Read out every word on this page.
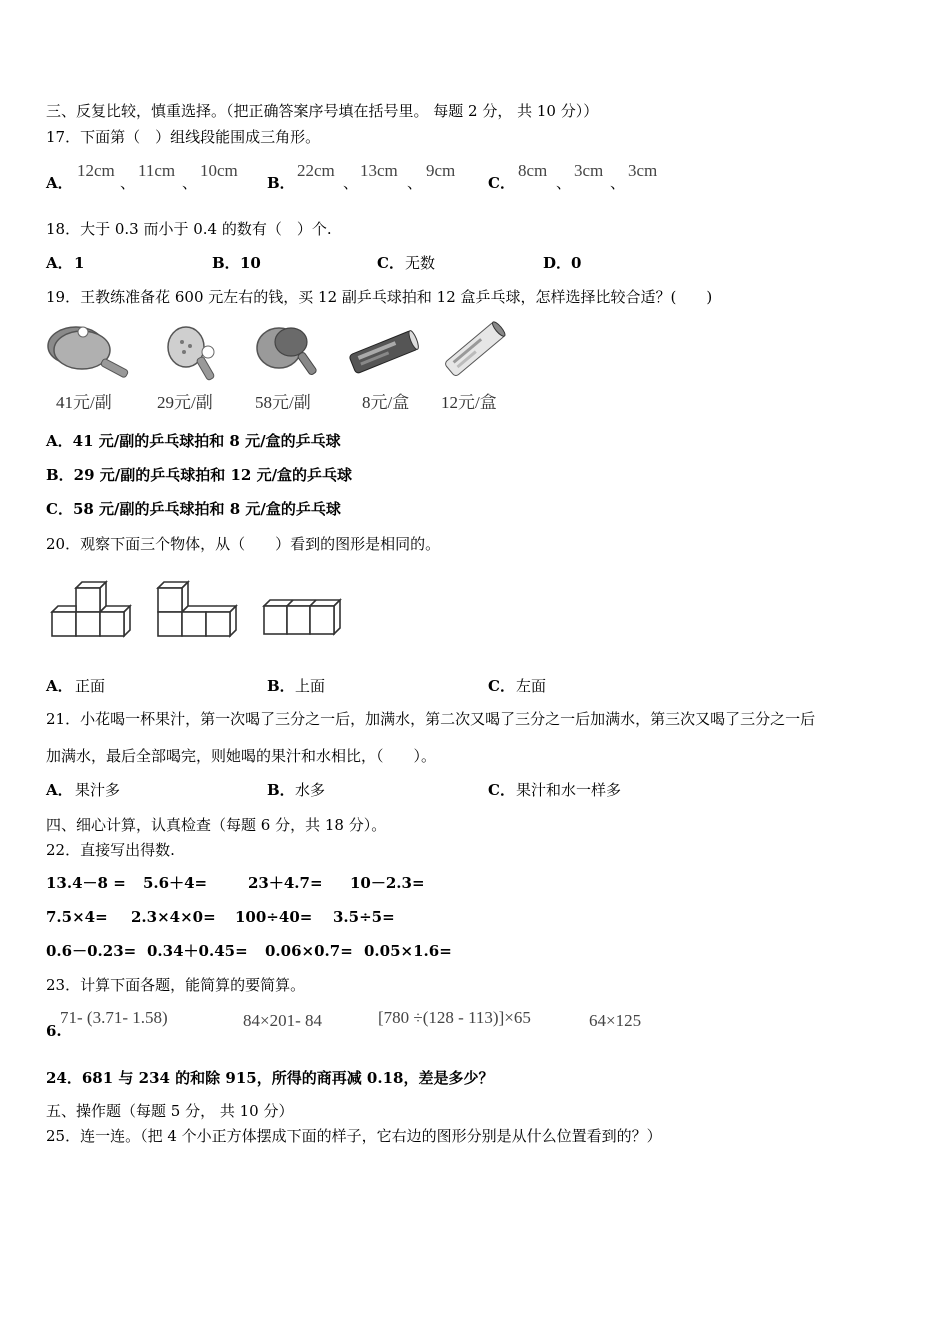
三、反复比较，慎重选择。（把正确答案序号填在括号里。 每题 2 分， 共 10 分））
17．下面第（　）组线段能围成三角形。
A．
12cm
、
11cm
、
10cm
B．
22cm
、
13cm
、
9cm
C．
8cm
、
3cm
、
3cm
18．大于 0.3 而小于 0.4 的数有（　）个.
A． 1	B． 10	C． 无数	D． 0
19．王教练准备花 600 元左右的钱，买 12 副乒乓球拍和 12 盒乒乓球，怎样选择比较合适？(　　)
41元/副	29元/副 58元/副	8元/盒 12元/盒
A．41 元/副的乒乓球拍和 8 元/盒的乒乓球
B．29 元/副的乒乓球拍和 12 元/盒的乒乓球
C．58 元/副的乒乓球拍和 8 元/盒的乒乓球
20．观察下面三个物体，从（　　）看到的图形是相同的。
A． 正面	B． 上面	C． 左面
21．小花喝一杯果汁，第一次喝了三分之一后，加满水，第二次又喝了三分之一后加满水，第三次又喝了三分之一后
加满水，最后全部喝完，则她喝的果汁和水相比，（　　）。
A． 果汁多	B． 水多	C． 果汁和水一样多
四、细心计算，认真检查（每题 6 分，共 18 分）。
22．直接写出得数.
13.4－8 = 5.6＋4=	23＋4.7= 10－2.3=
7.5×4= 2.3×4×0= 100÷40= 3.5÷5=
0.6－0.23= 0.34＋0.45= 0.06×0.7= 0.05×1.6=
23．计算下面各题，能简算的要简算。
6.
71- (3.71- 1.58)	84×201- 84	[780 ÷(128 - 113)]×65	64×125
24．681 与 234 的和除 915，所得的商再减 0.18，差是多少？
五、操作题（每题 5 分， 共 10 分）
25．连一连。（把 4 个小正方体摆成下面的样子，它右边的图形分别是从什么位置看到的？）
